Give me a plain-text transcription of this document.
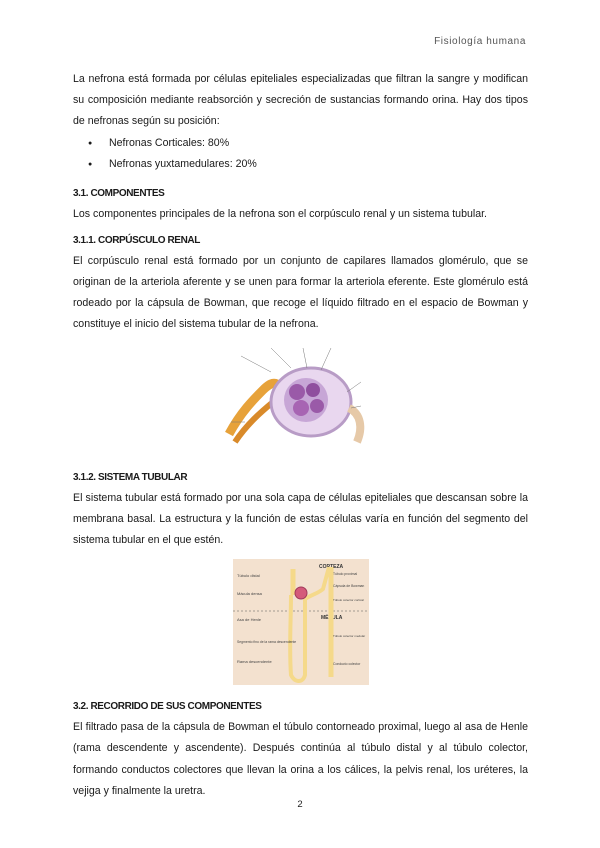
Fisiología humana

La nefrona está formada por células epiteliales especializadas que filtran la sangre y modifican su composición mediante reabsorción y secreción de sustancias formando orina. Hay dos tipos de nefronas según su posición:

● Nefronas Corticales: 80%
● Nefronas yuxtamedulares: 20%
3.1. COMPONENTES

Los componentes principales de la nefrona son el corpúsculo renal y un sistema tubular.

3.1.1. CORPÚSCULO RENAL

El corpúsculo renal está formado por un conjunto de capilares llamados glomérulo, que se originan de la arteriola aferente y se unen para formar la arteriola eferente. Este glomérulo está rodeado por la cápsula de Bowman, que recoge el líquido filtrado en el espacio de Bowman y constituye el inicio del sistema tubular de la nefrona.

3.1.2. SISTEMA TUBULAR

El sistema tubular está formado por una sola capa de células epiteliales que descansan sobre la membrana basal. La estructura y la función de estas células varía en función del segmento del sistema tubular en el que estén.

CORTEZA
MÉDULA
Túbulo distal
Mácula densa
Asa de Henle
Segmento fino de la rama descendente
Rama descendente
Túbulo proximal
Cápsula de Bowman
Túbulo colector cortical
Túbulo colector medular
Conducto colector
3.2. RECORRIDO DE SUS COMPONENTES

El filtrado pasa de la cápsula de Bowman el túbulo contorneado proximal, luego al asa de Henle (rama descendente y ascendente). Después continúa al túbulo distal y al túbulo colector, formando conductos colectores que llevan la orina a los cálices, la pelvis renal, los uréteres, la vejiga y finalmente la uretra.

2
